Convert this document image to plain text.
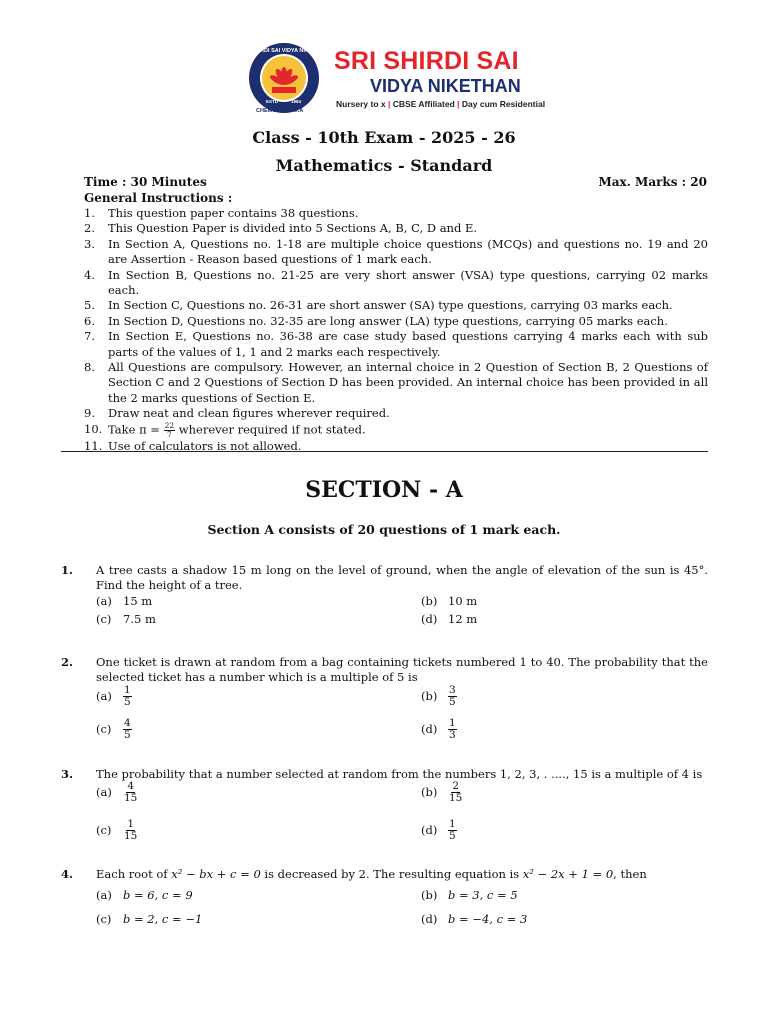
SRI SHIRDI SAI VIDYA NIKETHAN
ESTD	1984
SRI SHIRDI SAI
VIDYA NIKETHAN
Nursery to x | CBSE Affiliated | Day cum Residential
CHEMUDULANKA
Class - 10th Exam - 2025 - 26
Mathematics - Standard
Time : 30 Minutes	Max. Marks : 20
General Instructions :
1. This question paper contains 38 questions.
2. This Question Paper is divided into 5 Sections A, B, C, D and E.
3. In Section A, Questions no. 1-18 are multiple choice questions (MCQs) and questions no. 19 and 20 are Assertion - Reason based questions of 1 mark each.
4. In Section B, Questions no. 21-25 are very short answer (VSA) type questions, carrying 02 marks each.
5. In Section C, Questions no. 26-31 are short answer (SA) type questions, carrying 03 marks each.
6. In Section D, Questions no. 32-35 are long answer (LA) type questions, carrying 05 marks each.
7. In Section E, Questions no. 36-38 are case study based questions carrying 4 marks each with sub parts of the values of 1, 1 and 2 marks each respectively.
8. All Questions are compulsory. However, an internal choice in 2 Question of Section B, 2 Questions of Section C and 2 Questions of Section D has been provided. An internal choice has been provided in all the 2 marks questions of Section E.
9. Draw neat and clean figures wherever required.
10. Take $\pi = \frac{22}{7}$ wherever required if not stated.
11. Use of calculators is not allowed.
SECTION - A
Section A consists of 20 questions of 1 mark each.
1. A tree casts a shadow 15 m long on the level of ground, when the angle of elevation of the sun is 45°. Find the height of a tree.
(a) 15 m	(b) 10 m
(c) 7.5 m	(d) 12 m
2. One ticket is drawn at random from a bag containing tickets numbered 1 to 40. The probability that the selected ticket has a number which is a multiple of 5 is
$(a) \frac{1}{5}$	$(b) \frac{3}{5}$
$(c) \frac{4}{5}$	$(d) \frac{1}{3}$
3. The probability that a number selected at random from the numbers 1, 2, 3, . ...., 15 is a multiple of 4 is
$(a) \frac{4}{15}$	$(b) \frac{2}{15}$
$(c) \frac{1}{15}$	$(d) \frac{1}{5}$
4. Each root of x² − bx + c = 0 is decreased by 2. The resulting equation is x² − 2x + 1 = 0, then
(a) b = 6, c = 9	(b) b = 3, c = 5
(c) b = 2, c = −1	(d) b = −4, c = 3
